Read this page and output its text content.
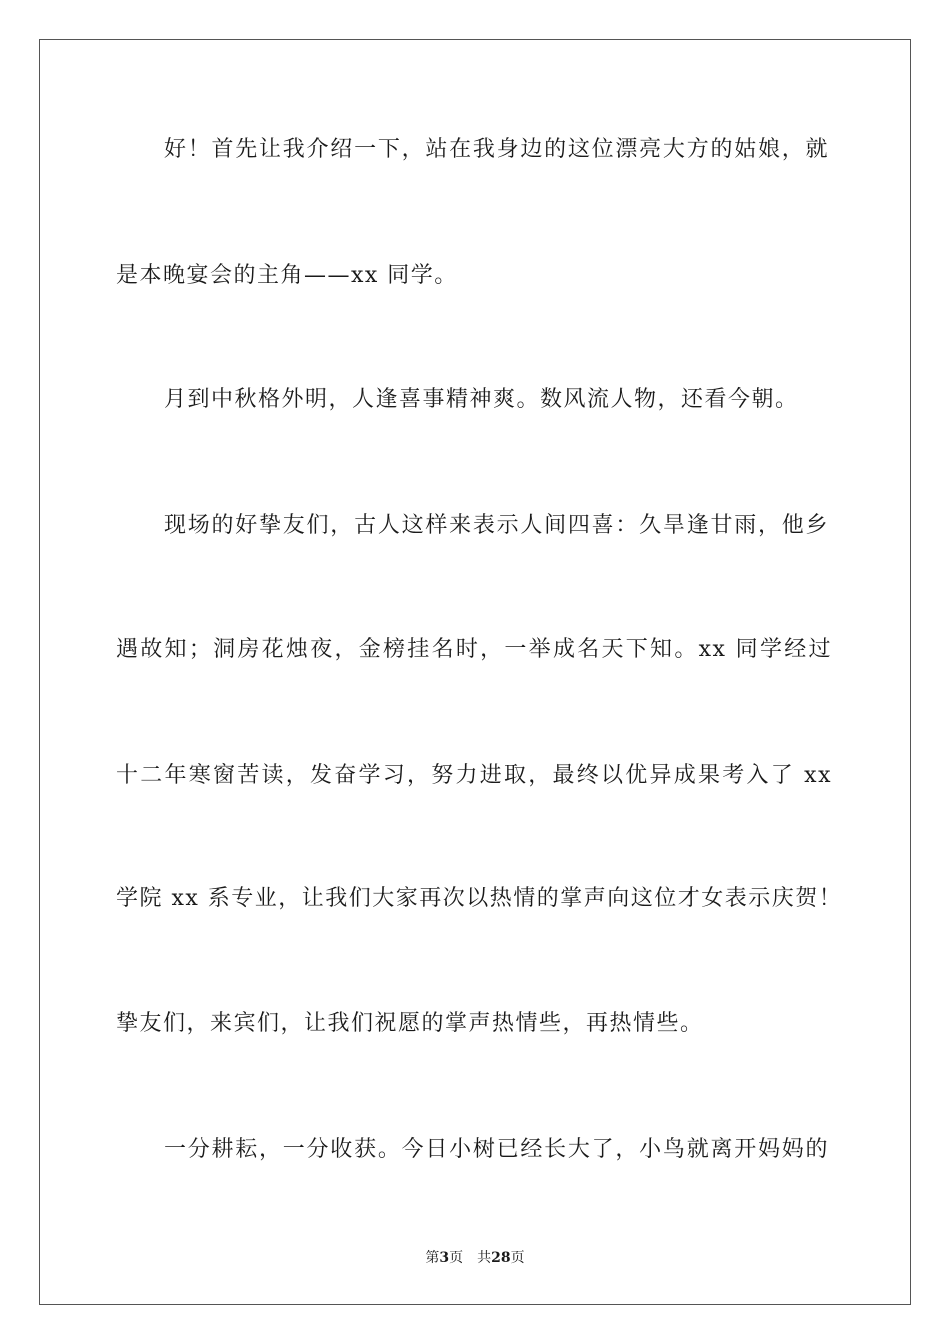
好！首先让我介绍一下，站在我身边的这位漂亮大方的姑娘，就
是本晚宴会的主角——xx 同学。
月到中秋格外明，人逢喜事精神爽。数风流人物，还看今朝。
现场的好挚友们，古人这样来表示人间四喜：久旱逢甘雨，他乡
遇故知；洞房花烛夜，金榜挂名时，一举成名天下知。xx 同学经过
十二年寒窗苦读，发奋学习，努力进取，最终以优异成果考入了 xx
学院 xx 系专业，让我们大家再次以热情的掌声向这位才女表示庆贺！
挚友们，来宾们，让我们祝愿的掌声热情些，再热情些。
一分耕耘，一分收获。今日小树已经长大了，小鸟就离开妈妈的
第3页　共28页
